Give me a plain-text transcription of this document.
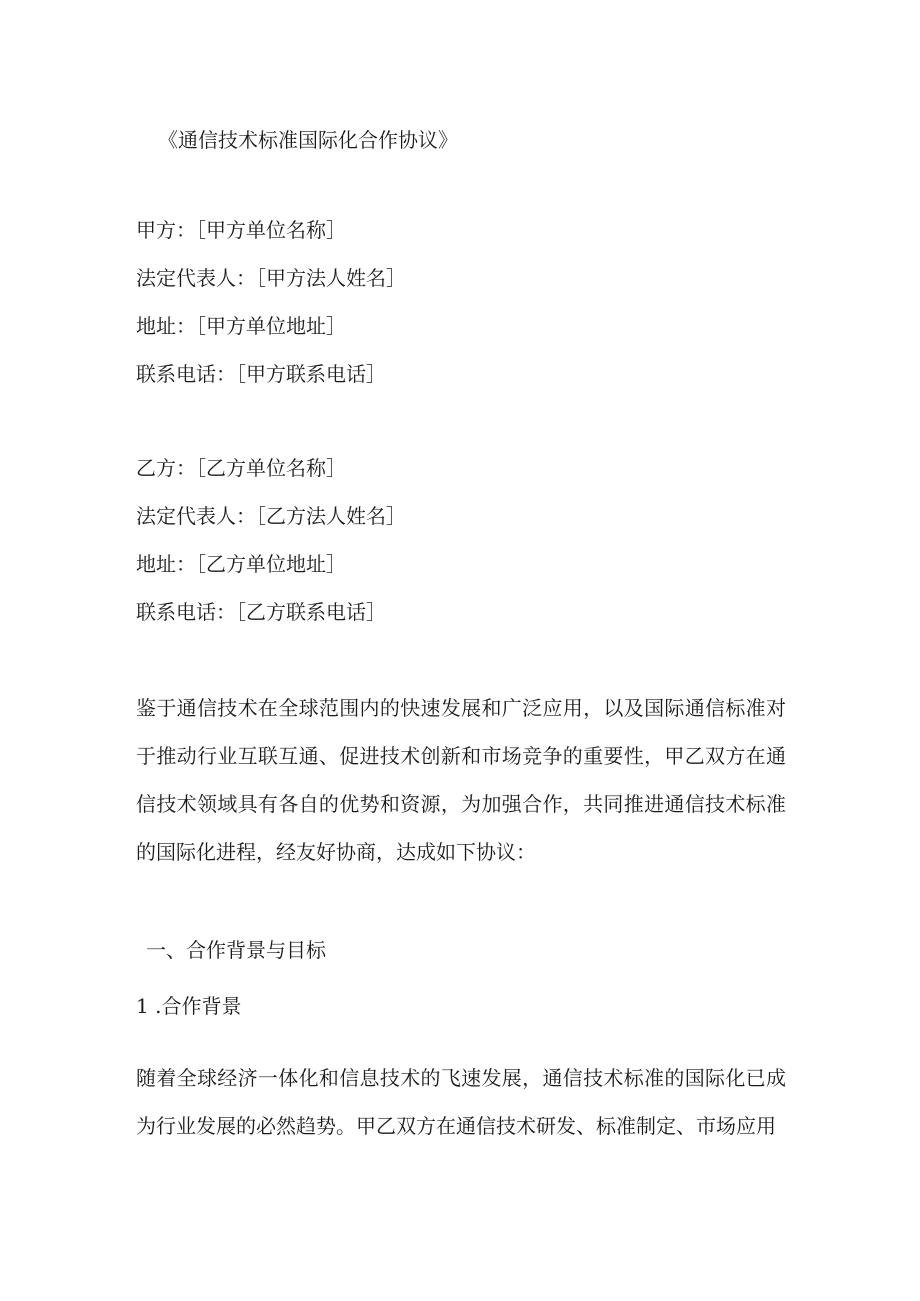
《通信技术标准国际化合作协议》
甲方：［甲方单位名称］
法定代表人：［甲方法人姓名］
地址：［甲方单位地址］
联系电话：［甲方联系电话］
乙方：［乙方单位名称］
法定代表人：［乙方法人姓名］
地址：［乙方单位地址］
联系电话：［乙方联系电话］
鉴于通信技术在全球范围内的快速发展和广泛应用，以及国际通信标准对于推动行业互联互通、促进技术创新和市场竞争的重要性，甲乙双方在通信技术领域具有各自的优势和资源，为加强合作，共同推进通信技术标准的国际化进程，经友好协商，达成如下协议：
一、合作背景与目标
1 .合作背景
随着全球经济一体化和信息技术的飞速发展，通信技术标准的国际化已成为行业发展的必然趋势。甲乙双方在通信技术研发、标准制定、市场应用
